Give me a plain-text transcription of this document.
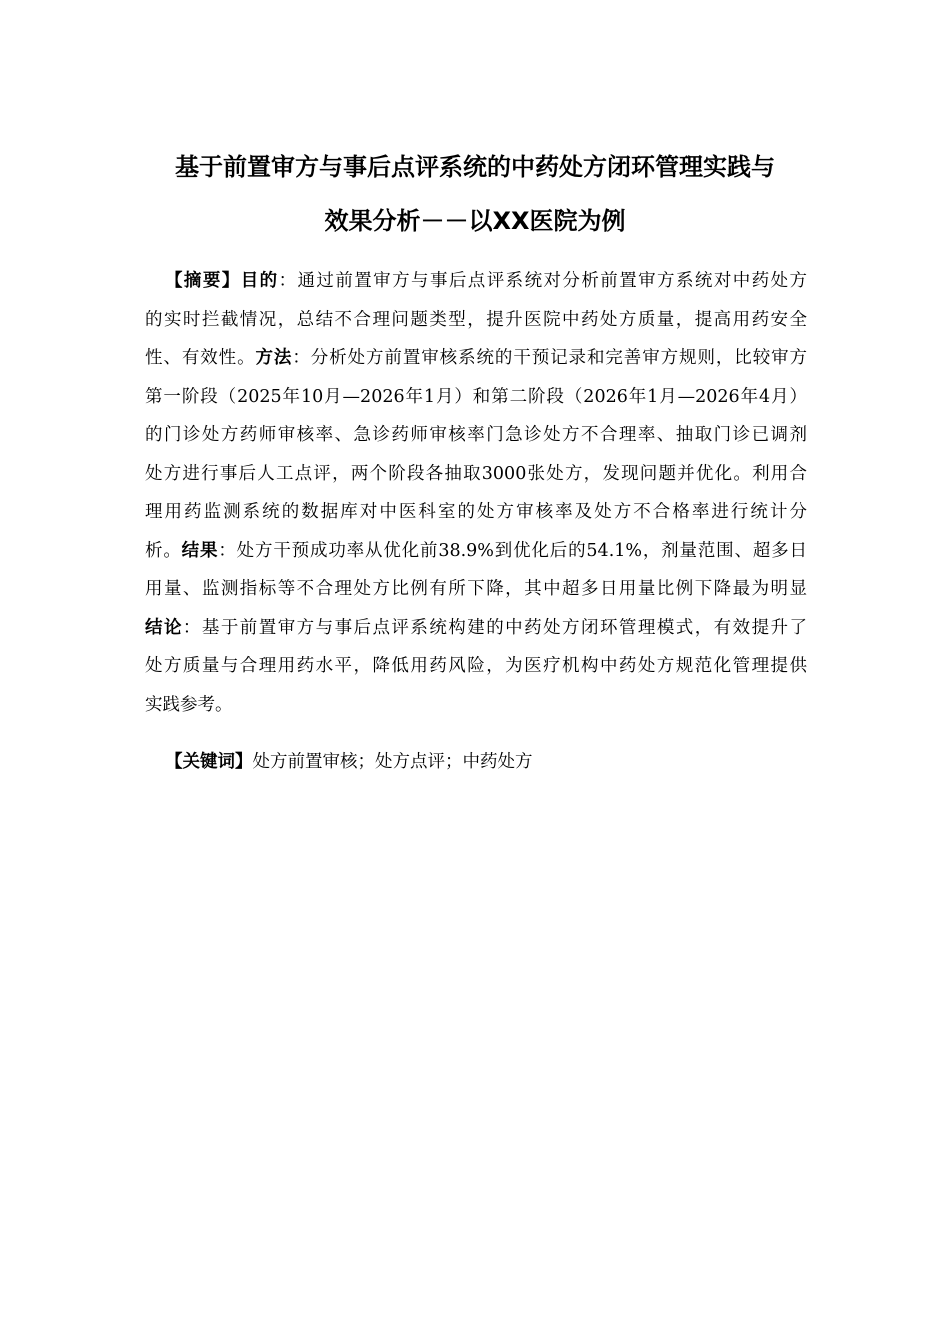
基于前置审方与事后点评系统的中药处方闭环管理实践与
效果分析－－以XX医院为例
【摘要】目的：通过前置审方与事后点评系统对分析前置审方系统对中药处方
的实时拦截情况，总结不合理问题类型，提升医院中药处方质量，提高用药安全
性、有效性。方法：分析处方前置审核系统的干预记录和完善审方规则，比较审方
第一阶段（2025年10月—2026年1月）和第二阶段（2026年1月—2026年4月）
的门诊处方药师审核率、急诊药师审核率门急诊处方不合理率、抽取门诊已调剂
处方进行事后人工点评，两个阶段各抽取3000张处方，发现问题并优化。利用合
理用药监测系统的数据库对中医科室的处方审核率及处方不合格率进行统计分
析。结果：处方干预成功率从优化前38.9%到优化后的54.1%，剂量范围、超多日
用量、监测指标等不合理处方比例有所下降，其中超多日用量比例下降最为明显
结论：基于前置审方与事后点评系统构建的中药处方闭环管理模式，有效提升了
处方质量与合理用药水平，降低用药风险，为医疗机构中药处方规范化管理提供
实践参考。
【关键词】处方前置审核；处方点评；中药处方
